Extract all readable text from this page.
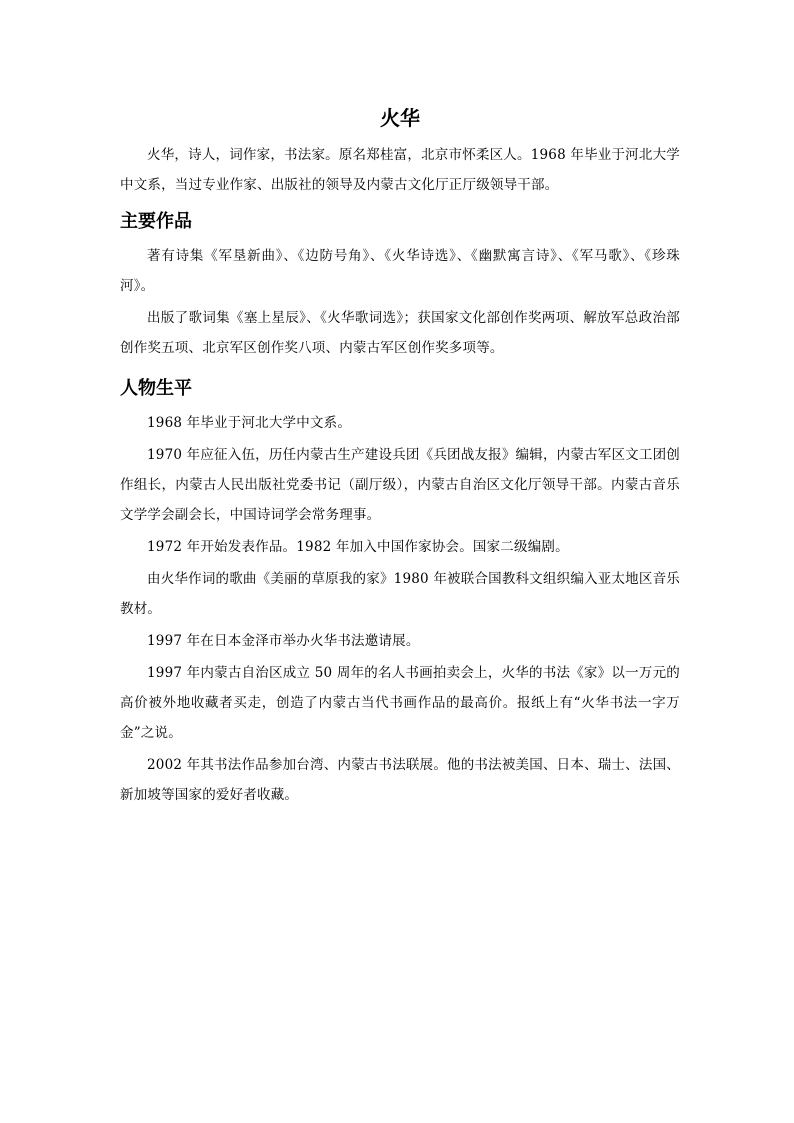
火华

火华，诗人，词作家，书法家。原名郑桂富，北京市怀柔区人。1968 年毕业于河北大学中文系，当过专业作家、出版社的领导及内蒙古文化厅正厅级领导干部。

主要作品

著有诗集《军垦新曲》、《边防号角》、《火华诗选》、《幽默寓言诗》、《军马歌》、《珍珠河》。

出版了歌词集《塞上星辰》、《火华歌词选》；获国家文化部创作奖两项、解放军总政治部创作奖五项、北京军区创作奖八项、内蒙古军区创作奖多项等。

人物生平

1968 年毕业于河北大学中文系。

1970 年应征入伍，历任内蒙古生产建设兵团《兵团战友报》编辑，内蒙古军区文工团创作组长，内蒙古人民出版社党委书记（副厅级），内蒙古自治区文化厅领导干部。内蒙古音乐文学学会副会长，中国诗词学会常务理事。

1972 年开始发表作品。1982 年加入中国作家协会。国家二级编剧。

由火华作词的歌曲《美丽的草原我的家》1980 年被联合国教科文组织编入亚太地区音乐教材。

1997 年在日本金泽市举办火华书法邀请展。

1997 年内蒙古自治区成立 50 周年的名人书画拍卖会上，火华的书法《家》以一万元的高价被外地收藏者买走，创造了内蒙古当代书画作品的最高价。报纸上有“火华书法一字万金”之说。

2002 年其书法作品参加台湾、内蒙古书法联展。他的书法被美国、日本、瑞士、法国、新加坡等国家的爱好者收藏。
